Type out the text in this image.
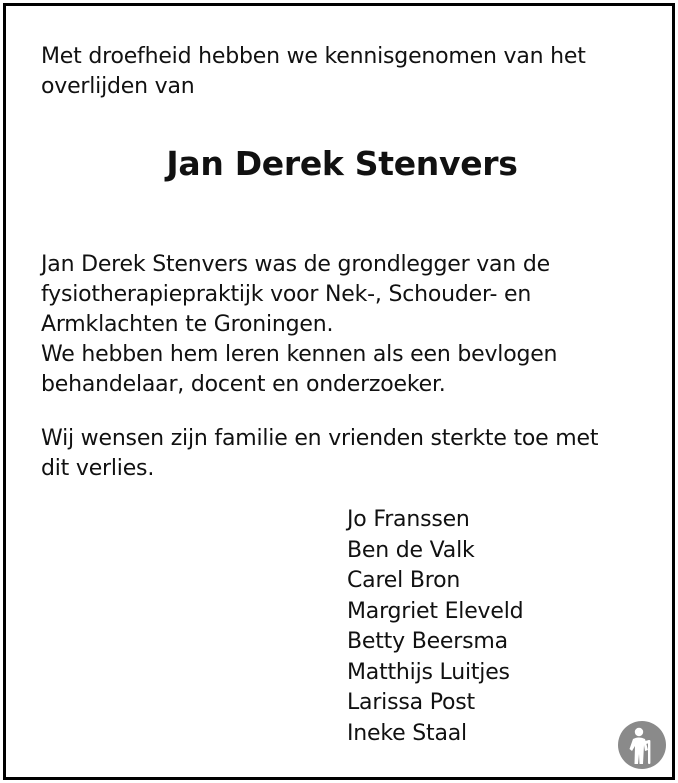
Met droefheid hebben we kennisgenomen van het
overlijden van

Jan Derek Stenvers

Jan Derek Stenvers was de grondlegger van de
fysiotherapiepraktijk voor Nek-, Schouder- en
Armklachten te Groningen.
We hebben hem leren kennen als een bevlogen
behandelaar, docent en onderzoeker.

Wij wensen zijn familie en vrienden sterkte toe met
dit verlies.

Jo Franssen
Ben de Valk
Carel Bron
Margriet Eleveld
Betty Beersma
Matthijs Luitjes
Larissa Post
Ineke Staal
